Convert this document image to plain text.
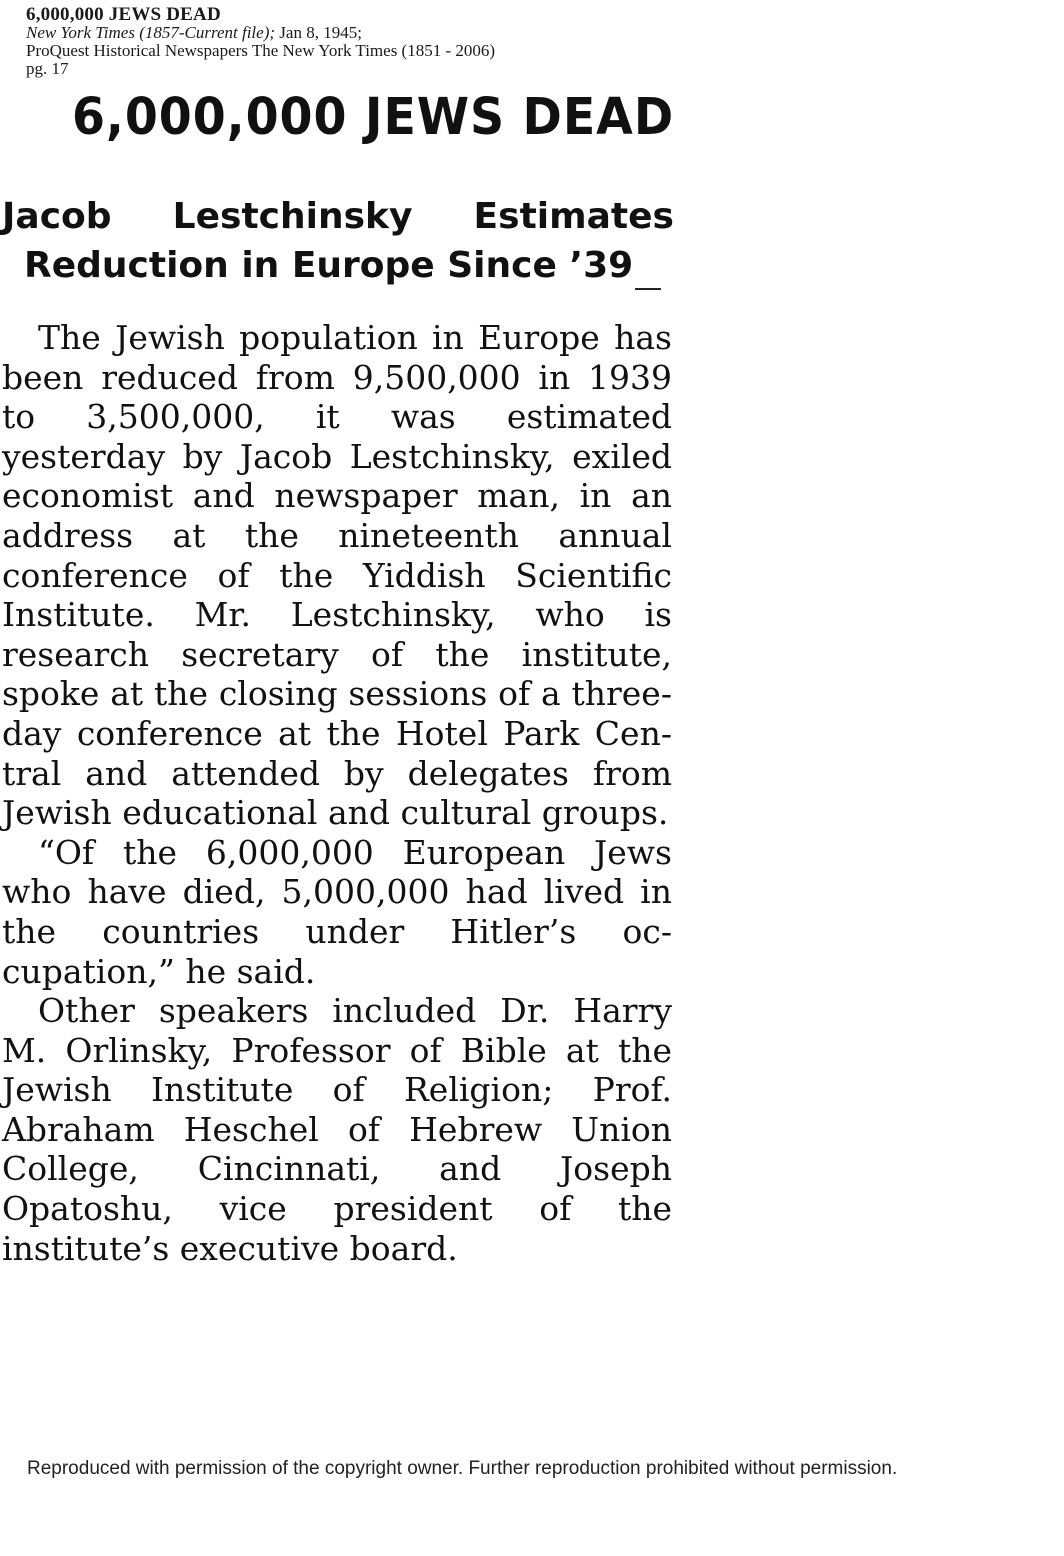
6,000,000 JEWS DEAD
New York Times (1857-Current file); Jan 8, 1945;
ProQuest Historical Newspapers The New York Times (1851 - 2006)
pg. 17
6,000,000 JEWS DEAD
Jacob Lestchinsky Estimates
Reduction in Europe Since ’39

The Jewish population in Europe has been reduced from 9,500,000 in 1939 to 3,500,000, it was estimated yesterday by Jacob Lestchinsky, exiled economist and newspaper man, in an address at the nineteenth annual conference of the Yiddish Scientific Institute. Mr. Lestchinsky, who is research secretary of the institute, spoke at the closing sessions of a three-day conference at the Hotel Park Central and attended by delegates from Jewish educational and cultural groups.

“Of the 6,000,000 European Jews who have died, 5,000,000 had lived in the countries under Hitler’s occupation,” he said.

Other speakers included Dr. Harry M. Orlinsky, Professor of Bible at the Jewish Institute of Religion; Prof. Abraham Heschel of Hebrew Union College, Cincinnati, and Joseph Opatoshu, vice president of the institute’s executive board.

Reproduced with permission of the copyright owner. Further reproduction prohibited without permission.
